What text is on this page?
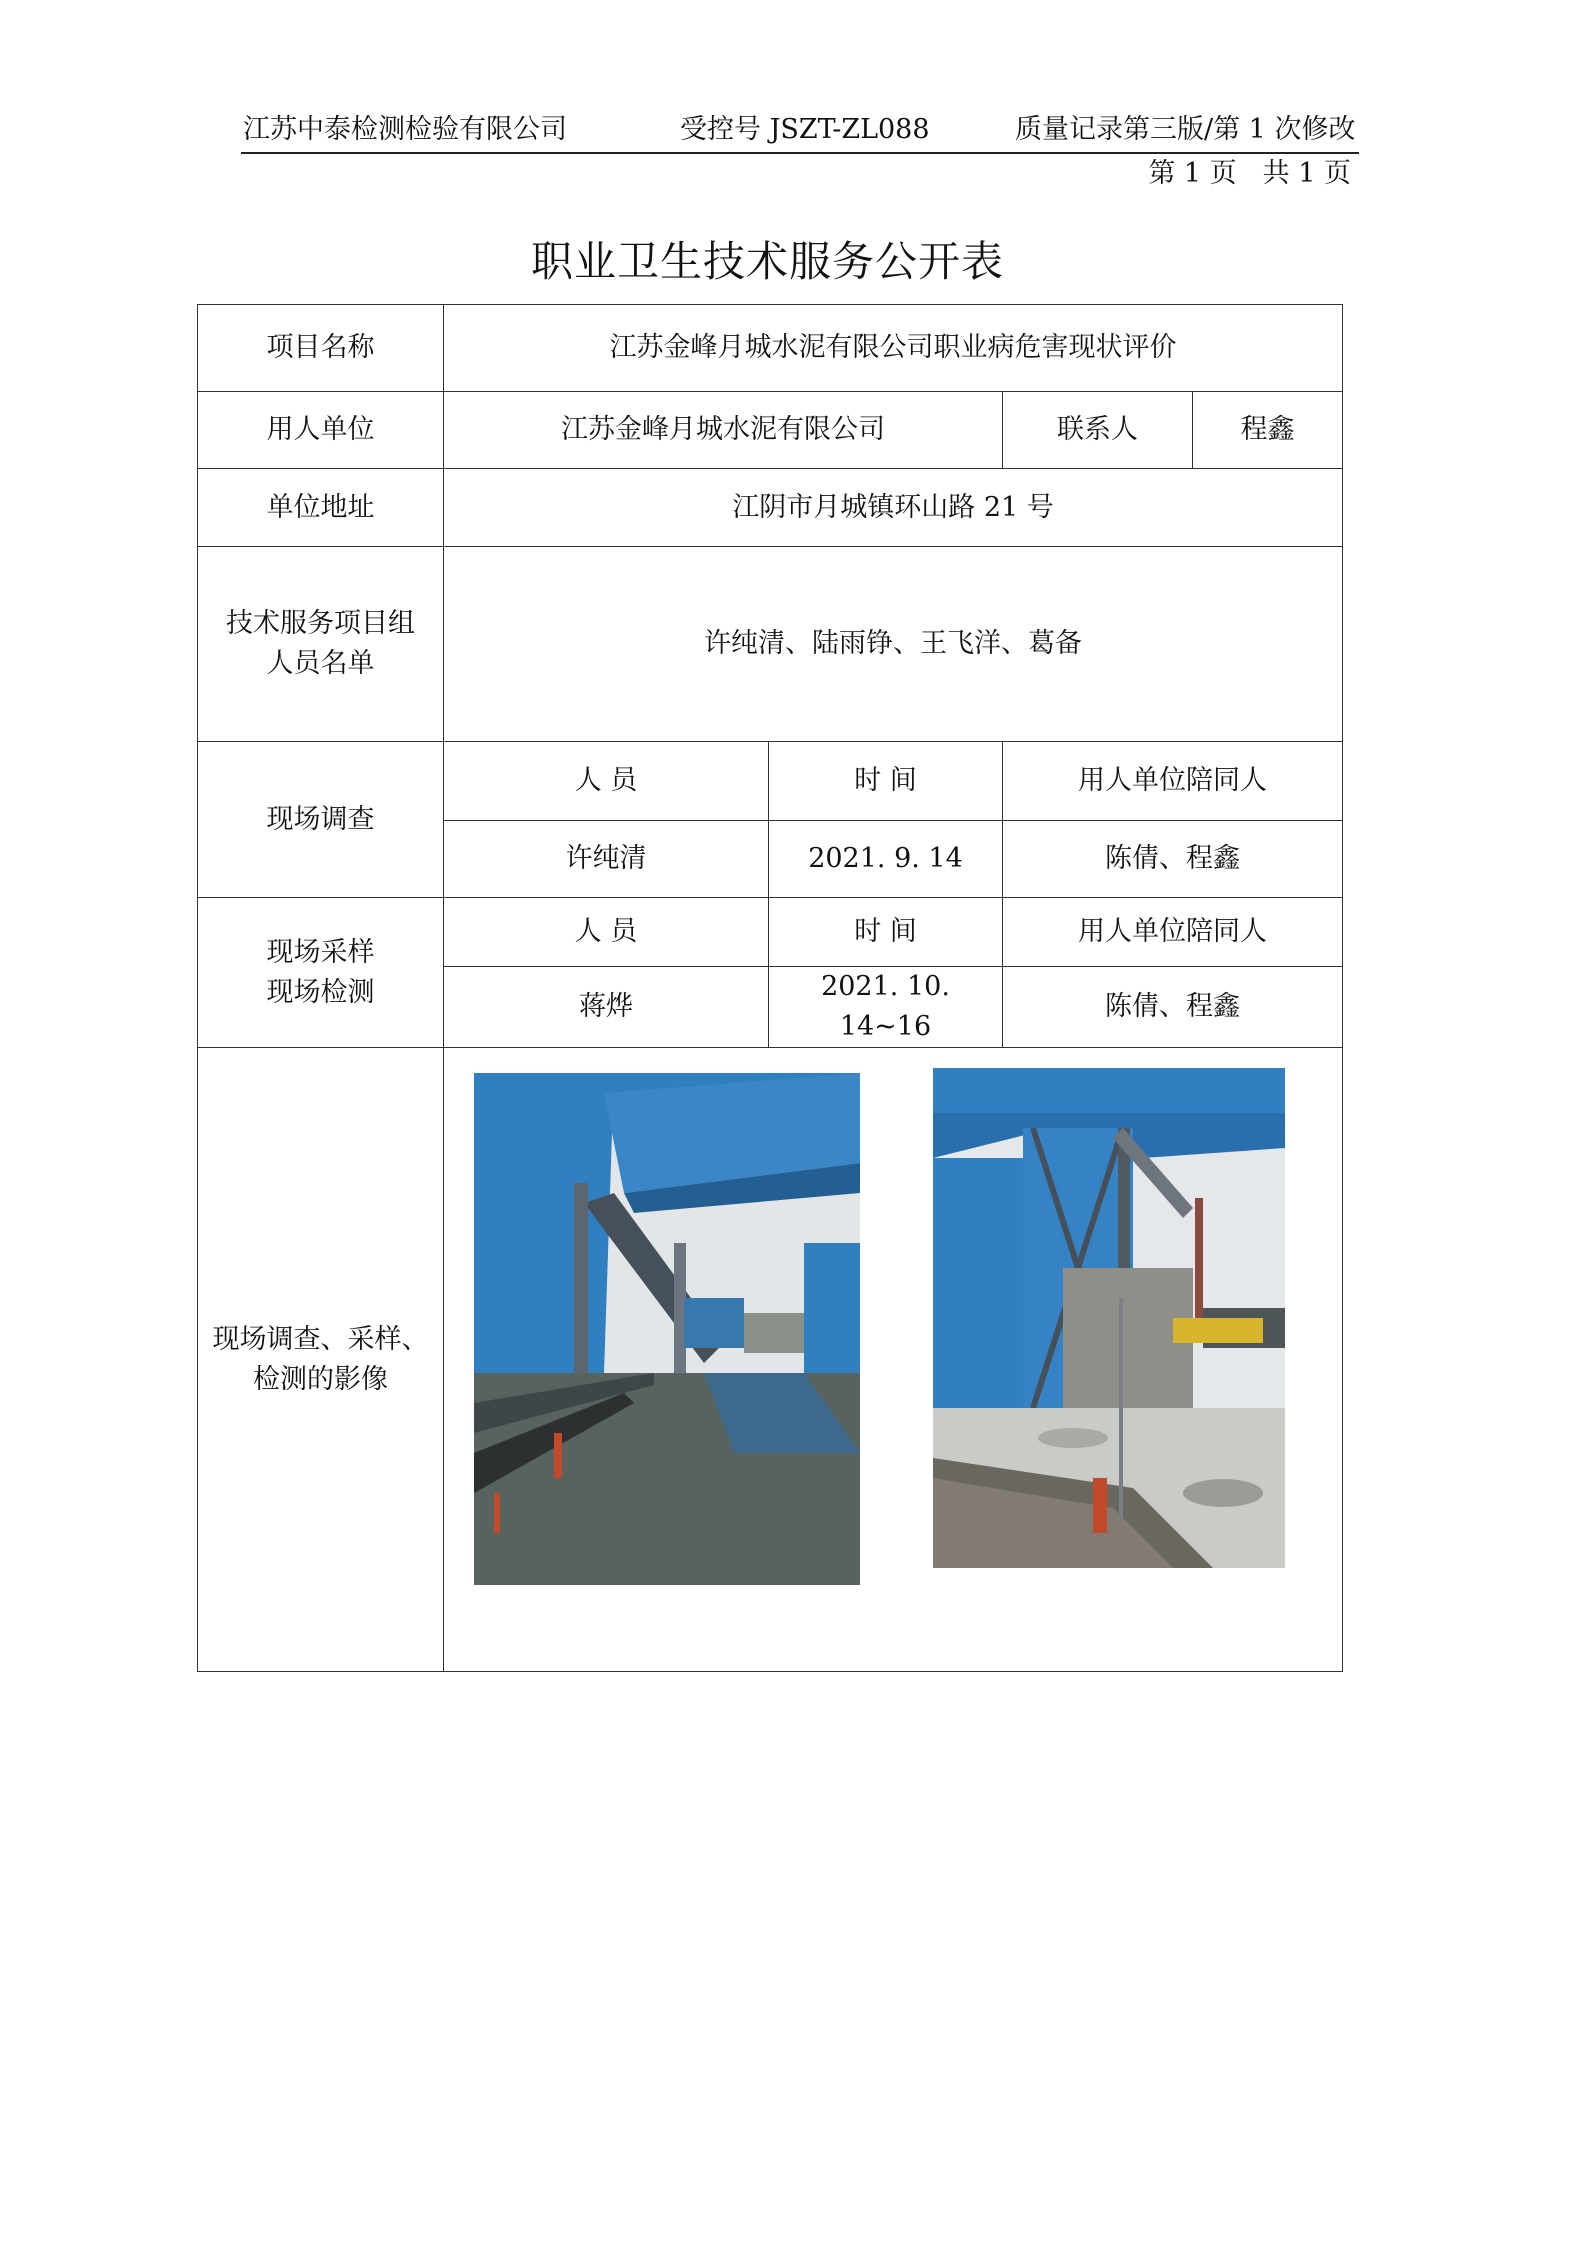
江苏中泰检测检验有限公司	受控号 JSZT-ZL088	质量记录第三版/第 1 次修改
第 1 页 共 1 页
职业卫生技术服务公开表
项目名称	江苏金峰月城水泥有限公司职业病危害现状评价			
用人单位	江苏金峰月城水泥有限公司		联系人	程鑫
单位地址	江阴市月城镇环山路 21 号			

技术服务项目组
人员名单	许纯清、陆雨铮、王飞洋、葛备			
现场调查	人 员	时 间	用人单位陪同人	
	许纯清	2021. 9. 14	陈倩、程鑫	

现场采样
现场检测	人 员	时 间	用人单位陪同人	
	蒋烨	2021. 10. 14~16	陈倩、程鑫	

现场调查、采样、
检测的影像
